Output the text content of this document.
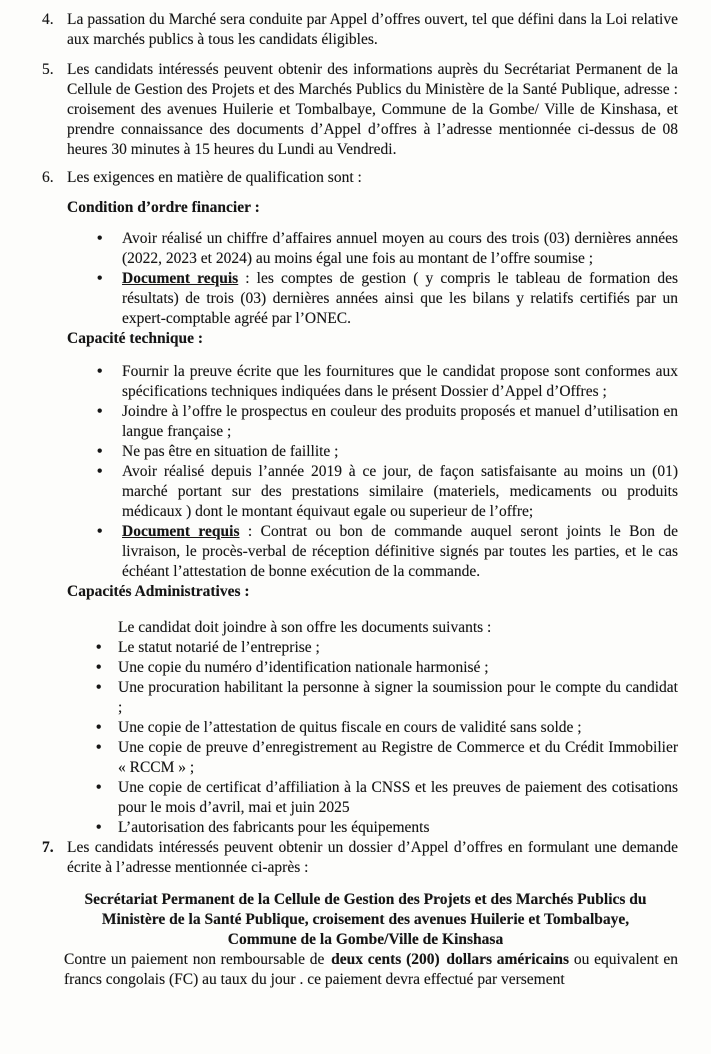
4. La passation du Marché sera conduite par Appel d’offres ouvert, tel que défini dans la Loi relative aux marchés publics à tous les candidats éligibles.
5. Les candidats intéressés peuvent obtenir des informations auprès du Secrétariat Permanent de la Cellule de Gestion des Projets et des Marchés Publics du Ministère de la Santé Publique, adresse : croisement des avenues Huilerie et Tombalbaye, Commune de la Gombe/ Ville de Kinshasa, et prendre connaissance des documents d’Appel d’offres à l’adresse mentionnée ci-dessus de 08 heures 30 minutes à 15 heures du Lundi au Vendredi.
6. Les exigences en matière de qualification sont :
Condition d’ordre financier :
• Avoir réalisé un chiffre d’affaires annuel moyen au cours des trois (03) dernières années (2022, 2023 et 2024) au moins égal une fois au montant de l’offre soumise ;
• Document requis : les comptes de gestion ( y compris le tableau de formation des résultats) de trois (03) dernières années ainsi que les bilans y relatifs certifiés par un expert-comptable agréé par l’ONEC.
Capacité technique :
• Fournir la preuve écrite que les fournitures que le candidat propose sont conformes aux spécifications techniques indiquées dans le présent Dossier d’Appel d’Offres ;
• Joindre à l’offre le prospectus en couleur des produits proposés et manuel d’utilisation en langue française ;
• Ne pas être en situation de faillite ;
• Avoir réalisé depuis l’année 2019 à ce jour, de façon satisfaisante au moins un (01) marché portant sur des prestations similaire (materiels, medicaments ou produits médicaux ) dont le montant équivaut egale ou superieur de l’offre;
• Document requis : Contrat ou bon de commande auquel seront joints le Bon de livraison, le procès-verbal de réception définitive signés par toutes les parties, et le cas échéant l’attestation de bonne exécution de la commande.
Capacités Administratives :
Le candidat doit joindre à son offre les documents suivants :
• Le statut notarié de l’entreprise ;
• Une copie du numéro d’identification nationale harmonisé ;
• Une procuration habilitant la personne à signer la soumission pour le compte du candidat ;
• Une copie de l’attestation de quitus fiscale en cours de validité sans solde ;
• Une copie de preuve d’enregistrement au Registre de Commerce et du Crédit Immobilier « RCCM » ;
• Une copie de certificat d’affiliation à la CNSS et les preuves de paiement des cotisations pour le mois d’avril, mai et juin 2025
• L’autorisation des fabricants pour les équipements
7. Les candidats intéressés peuvent obtenir un dossier d’Appel d’offres en formulant une demande écrite à l’adresse mentionnée ci-après :
Secrétariat Permanent de la Cellule de Gestion des Projets et des Marchés Publics du
Ministère de la Santé Publique, croisement des avenues Huilerie et Tombalbaye,
Commune de la Gombe/Ville de Kinshasa

Contre un paiement non remboursable de deux cents (200) dollars américains ou equivalent en francs congolais (FC) au taux du jour . ce paiement devra effectué par versement
